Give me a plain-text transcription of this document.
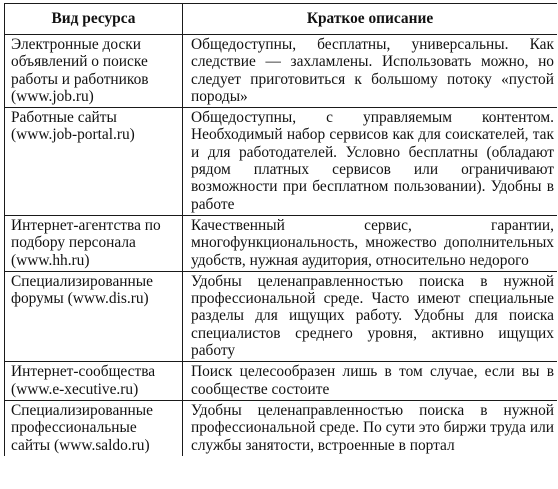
Вид ресурса	Краткое описание
Электронные доски объявлений о поиске работы и работников (www.job.ru)	Общедоступны, бесплатны, универсальны. Как следствие — захламлены. Использовать можно, но следует приготовиться к большому потоку «пустой породы»
Работные сайты (www.job-portal.ru)	Общедоступны, с управляемым контентом. Необходимый набор сервисов как для соискателей, так и для работодателей. Условно бесплатны (обладают рядом платных сервисов или ограничивают возможности при бесплатном пользовании). Удобны в работе
Интернет-агентства по подбору персонала (www.hh.ru)	Качественный сервис, гарантии, многофункциональность, множество дополнительных удобств, нужная аудитория, относительно недорого
Специализированные форумы (www.dis.ru)	Удобны целенаправленностью поиска в нужной профессиональной среде. Часто имеют специальные разделы для ищущих работу. Удобны для поиска специалистов среднего уровня, активно ищущих работу
Интернет-сообщества (www.e-xecutive.ru)	Поиск целесообразен лишь в том случае, если вы в сообществе состоите
Специализированные профессиональные сайты (www.saldo.ru)	Удобны целенаправленностью поиска в нужной профессиональной среде. По сути это биржи труда или службы занятости, встроенные в портал
